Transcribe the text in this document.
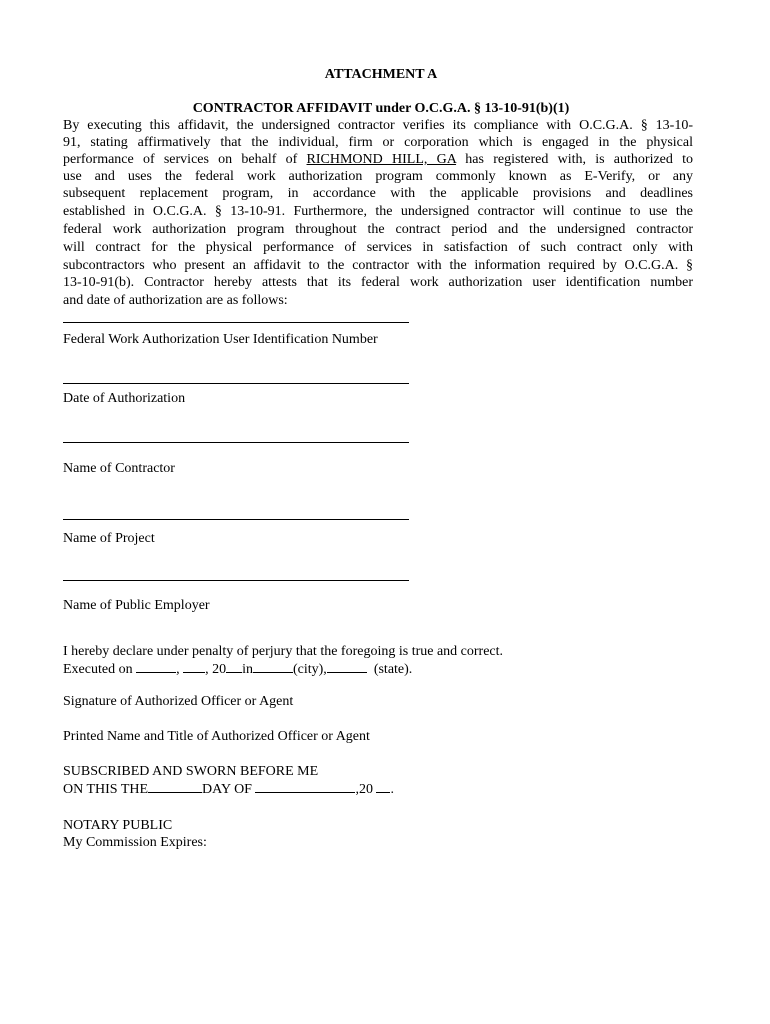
ATTACHMENT A

CONTRACTOR AFFIDAVIT under O.C.G.A. § 13-10-91(b)(1)

By executing this affidavit, the undersigned contractor verifies its compliance with O.C.G.A. § 13-10-

91, stating affirmatively that the individual, firm or corporation which is engaged in the physical

performance of services on behalf of RICHMOND HILL, GA has registered with, is authorized to

use and uses the federal work authorization program commonly known as E-Verify, or any

subsequent replacement program, in accordance with the applicable provisions and deadlines

established in O.C.G.A. § 13-10-91. Furthermore, the undersigned contractor will continue to use the

federal work authorization program throughout the contract period and the undersigned contractor

will contract for the physical performance of services in satisfaction of such contract only with

subcontractors who present an affidavit to the contractor with the information required by O.C.G.A. §

13-10-91(b). Contractor hereby attests that its federal work authorization user identification number

and date of authorization are as follows:

Federal Work Authorization User Identification Number

Date of Authorization

Name of Contractor

Name of Project

Name of Public Employer

I hereby declare under penalty of perjury that the foregoing is true and correct.

Executed on	, , 20 in	(city),	(state).

Signature of Authorized Officer or Agent

Printed Name and Title of Authorized Officer or Agent

SUBSCRIBED AND SWORN BEFORE ME

ON THIS THE	DAY OF	,20 .

NOTARY PUBLIC

My Commission Expires:
